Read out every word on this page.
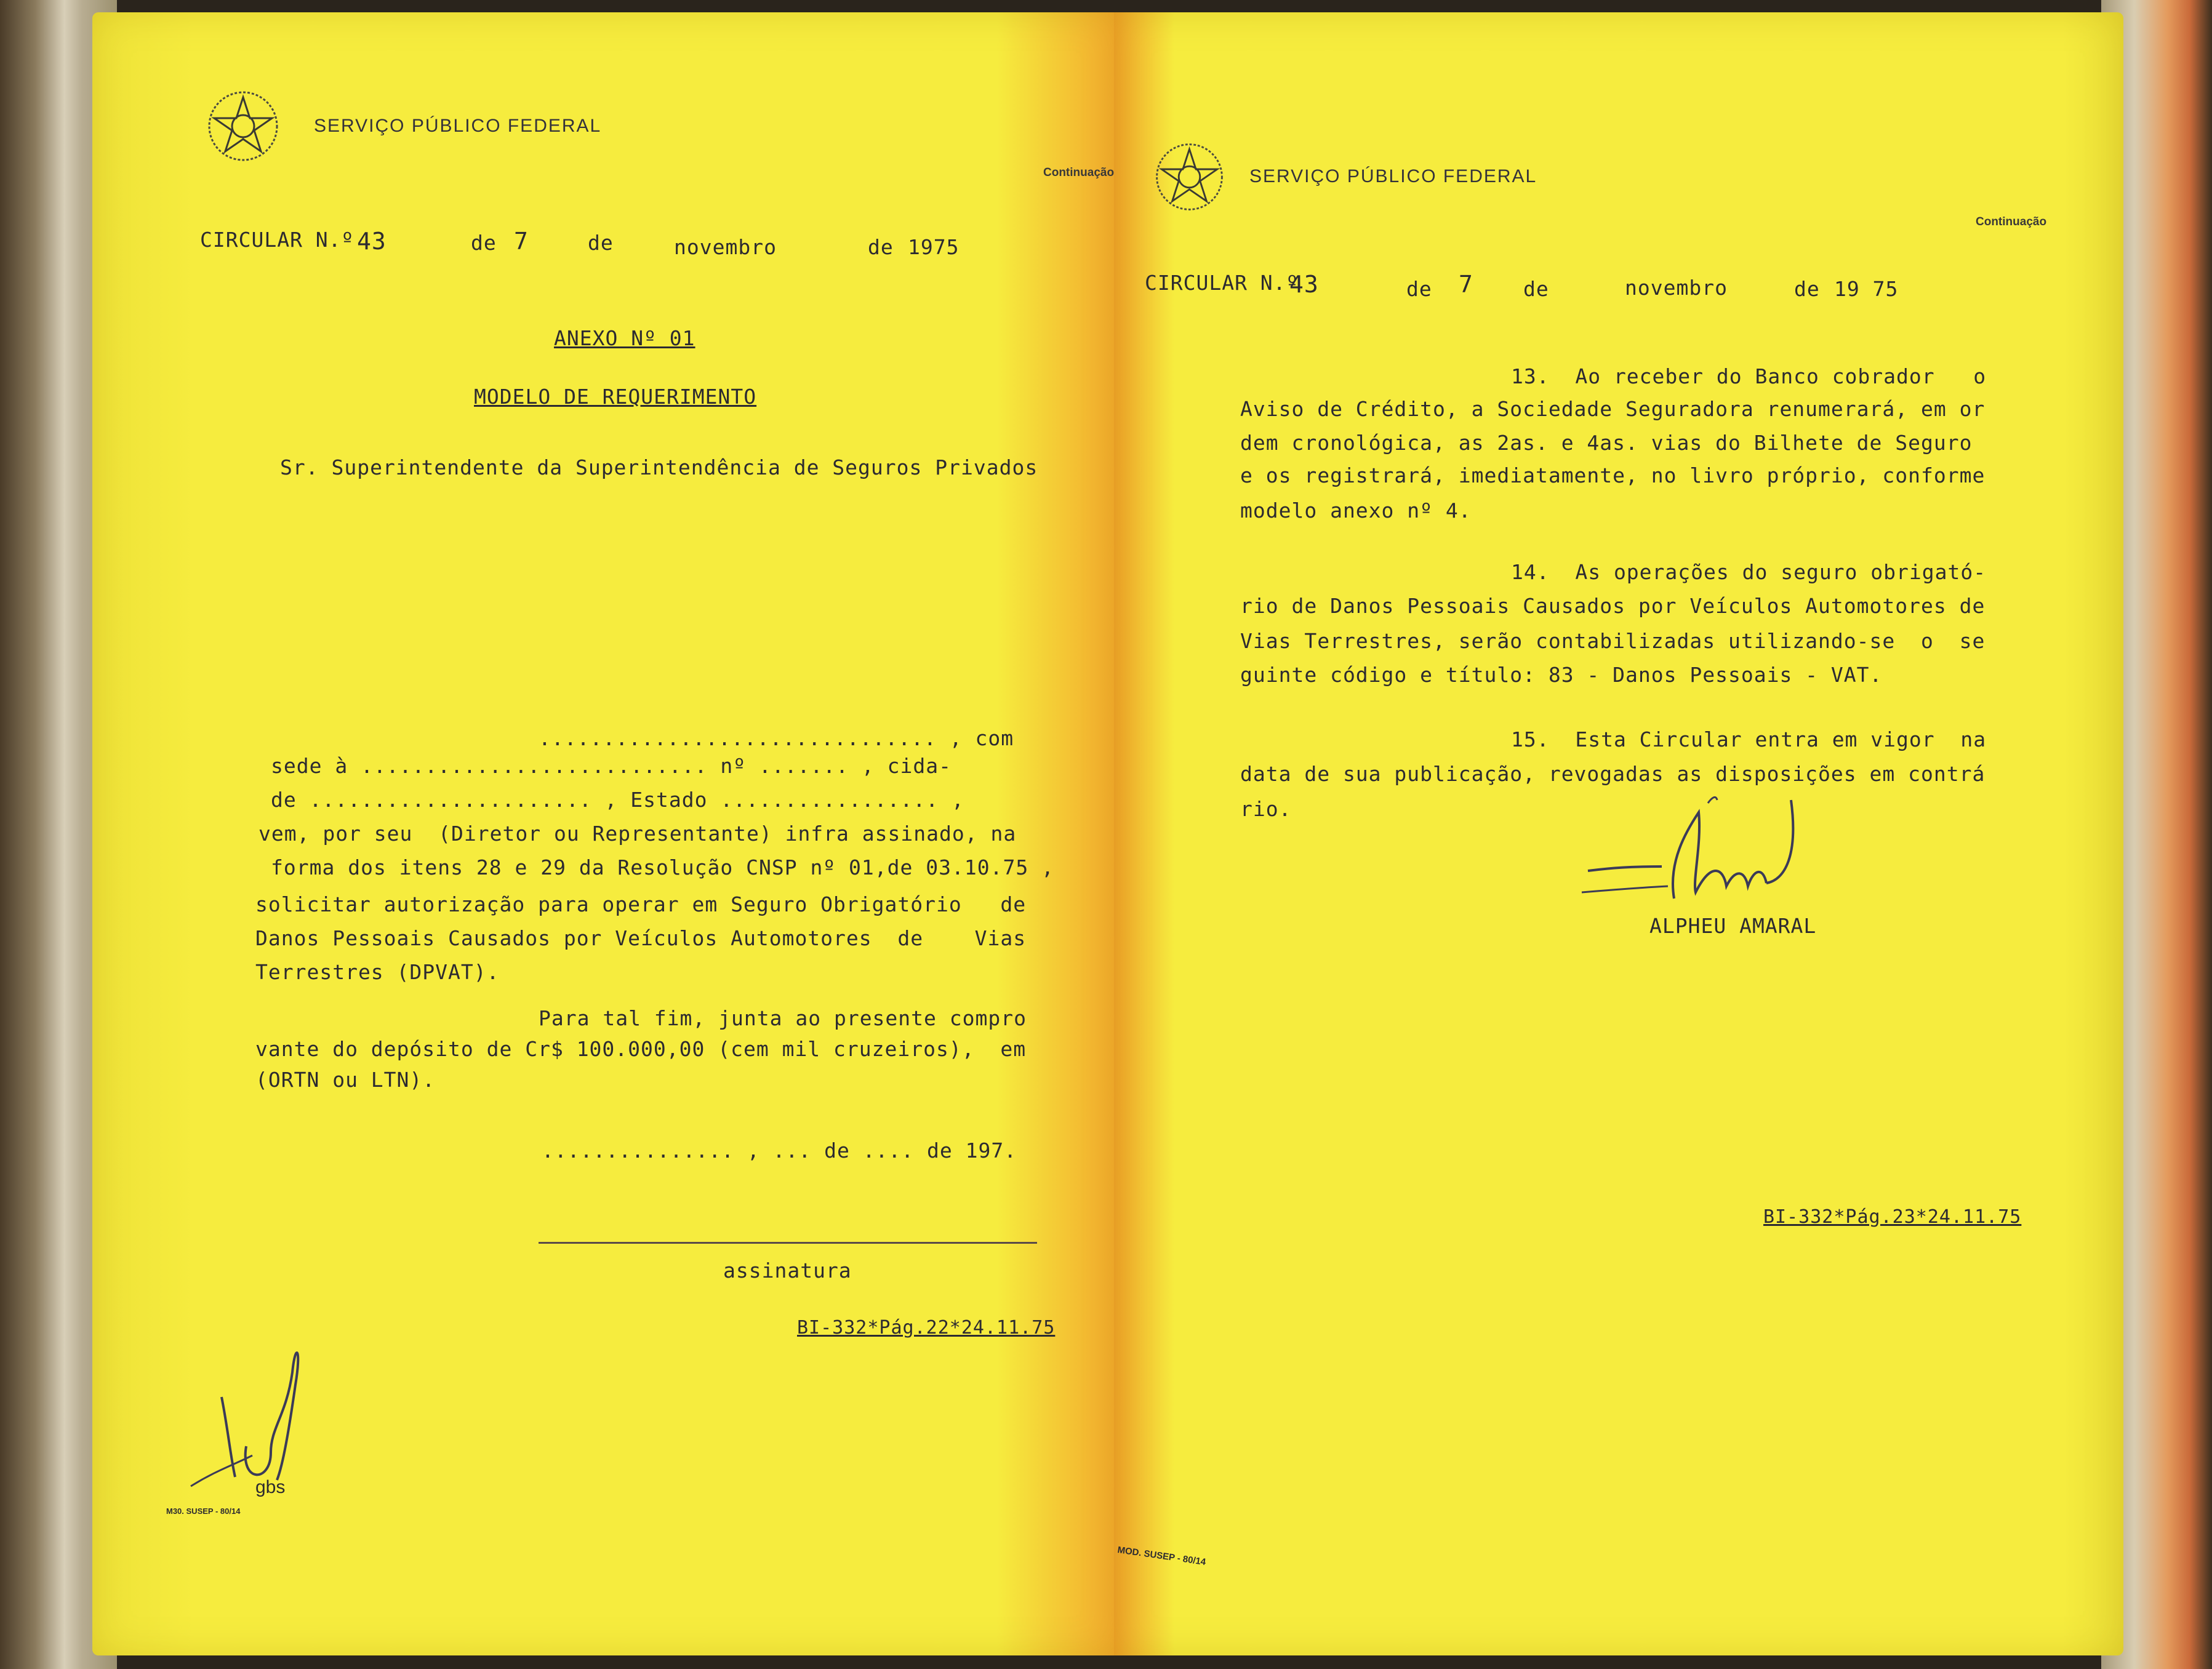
SERVIÇO PÚBLICO FEDERAL
Continuação
CIRCULAR N.º 43	de 7	de	novembro	de 1975
ANEXO Nº 01
MODELO DE REQUERIMENTO
Sr. Superintendente da Superintendência de Seguros Privados
............................... , com
sede à ........................... nº ....... , cida-
de ...................... , Estado ................. ,
vem, por seu  (Diretor ou Representante) infra assinado, na
forma dos itens 28 e 29 da Resolução CNSP nº 01,de 03.10.75 ,
solicitar autorização para operar em Seguro Obrigatório   de
Danos Pessoais Causados por Veículos Automotores  de    Vias
Terrestres (DPVAT).
Para tal fim, junta ao presente compro
vante do depósito de Cr$ 100.000,00 (cem mil cruzeiros),  em
(ORTN ou LTN).
............... , ... de .... de 197.
assinatura
BI-332*Pág.22*24.11.75
gbs
M30. SUSEP - 80/14
SERVIÇO PÚBLICO FEDERAL
Continuação
CIRCULAR N.º
43	de 7 de	novembro	de 19 75
13.  Ao receber do Banco cobrador   o
Aviso de Crédito, a Sociedade Seguradora renumerará, em or
dem cronológica, as 2as. e 4as. vias do Bilhete de Seguro
e os registrará, imediatamente, no livro próprio, conforme
modelo anexo nº 4.
14.  As operações do seguro obrigató-
rio de Danos Pessoais Causados por Veículos Automotores de
Vias Terrestres, serão contabilizadas utilizando-se  o  se
guinte código e título: 83 - Danos Pessoais - VAT.
15.  Esta Circular entra em vigor  na
data de sua publicação, revogadas as disposições em contrá
rio.
ALPHEU AMARAL
BI-332*Pág.23*24.11.75
MOD. SUSEP - 80/14
